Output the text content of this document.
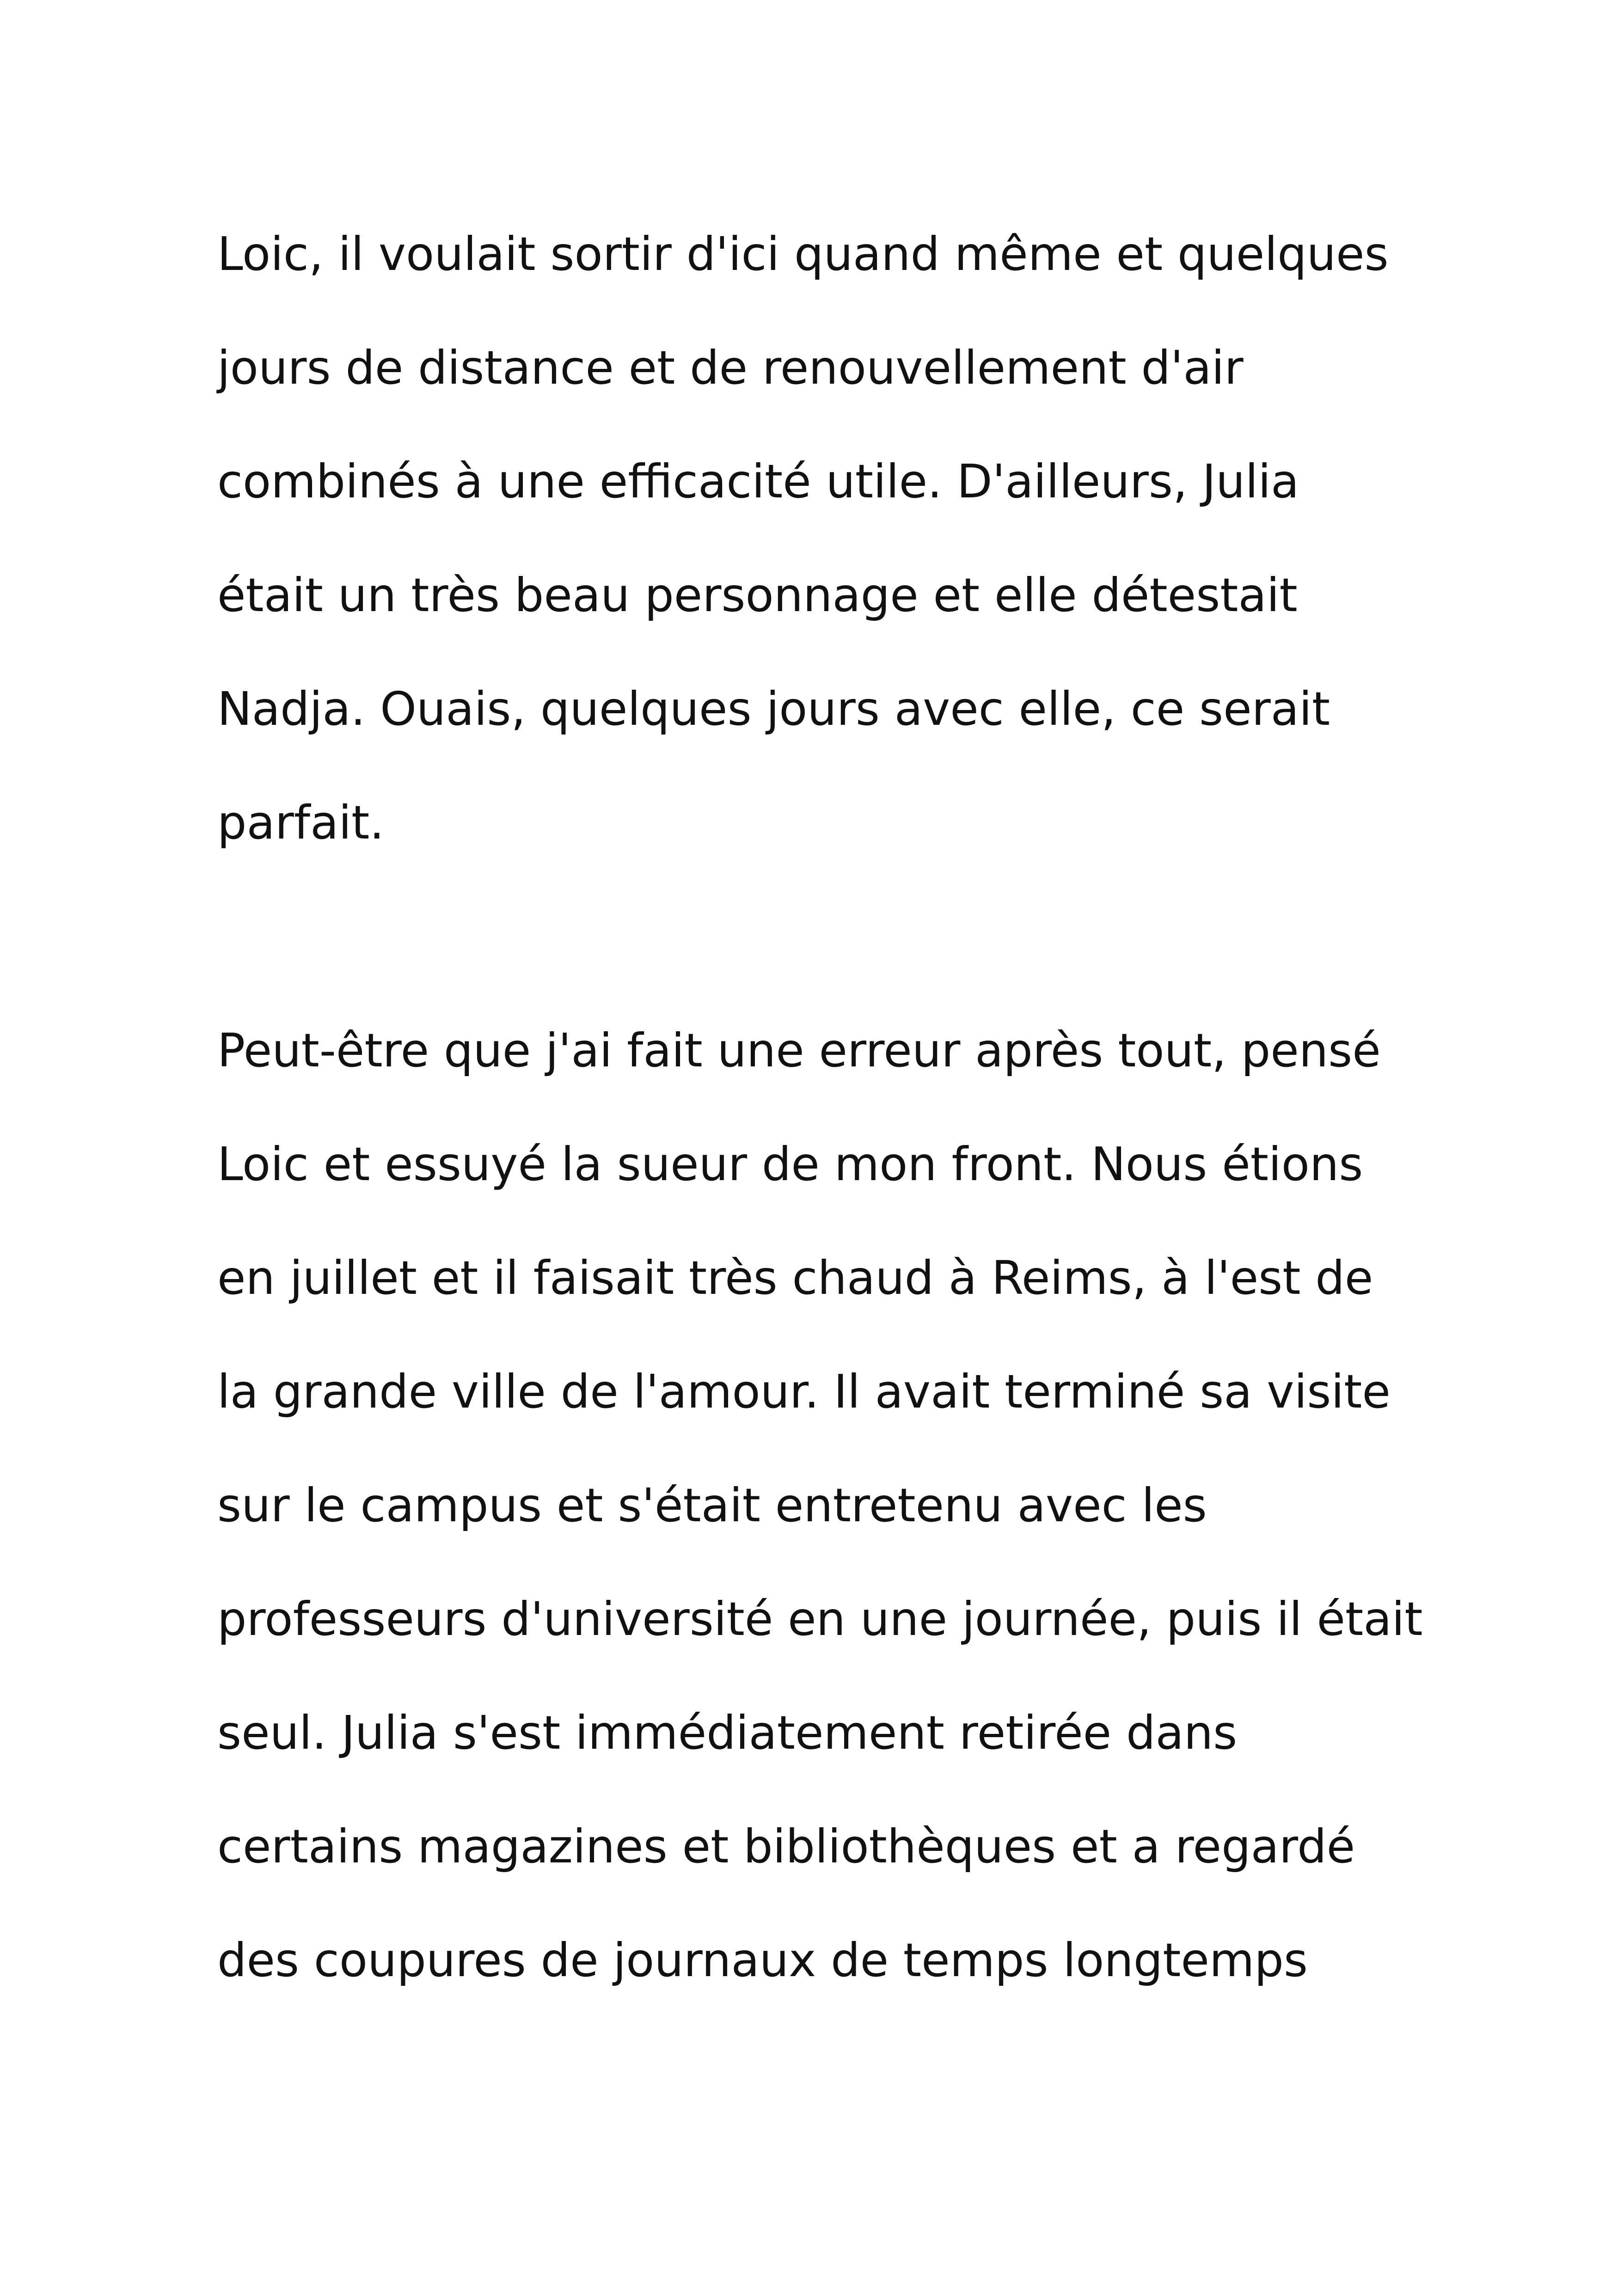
Loic, il voulait sortir d'ici quand même et quelques

jours de distance et de renouvellement d'air

combinés à une efficacité utile. D'ailleurs, Julia

était un très beau personnage et elle détestait

Nadja. Ouais, quelques jours avec elle, ce serait

parfait.

Peut-être que j'ai fait une erreur après tout, pensé

Loic et essuyé la sueur de mon front. Nous étions

en juillet et il faisait très chaud à Reims, à l'est de

la grande ville de l'amour. Il avait terminé sa visite

sur le campus et s'était entretenu avec les

professeurs d'université en une journée, puis il était

seul. Julia s'est immédiatement retirée dans

certains magazines et bibliothèques et a regardé

des coupures de journaux de temps longtemps
